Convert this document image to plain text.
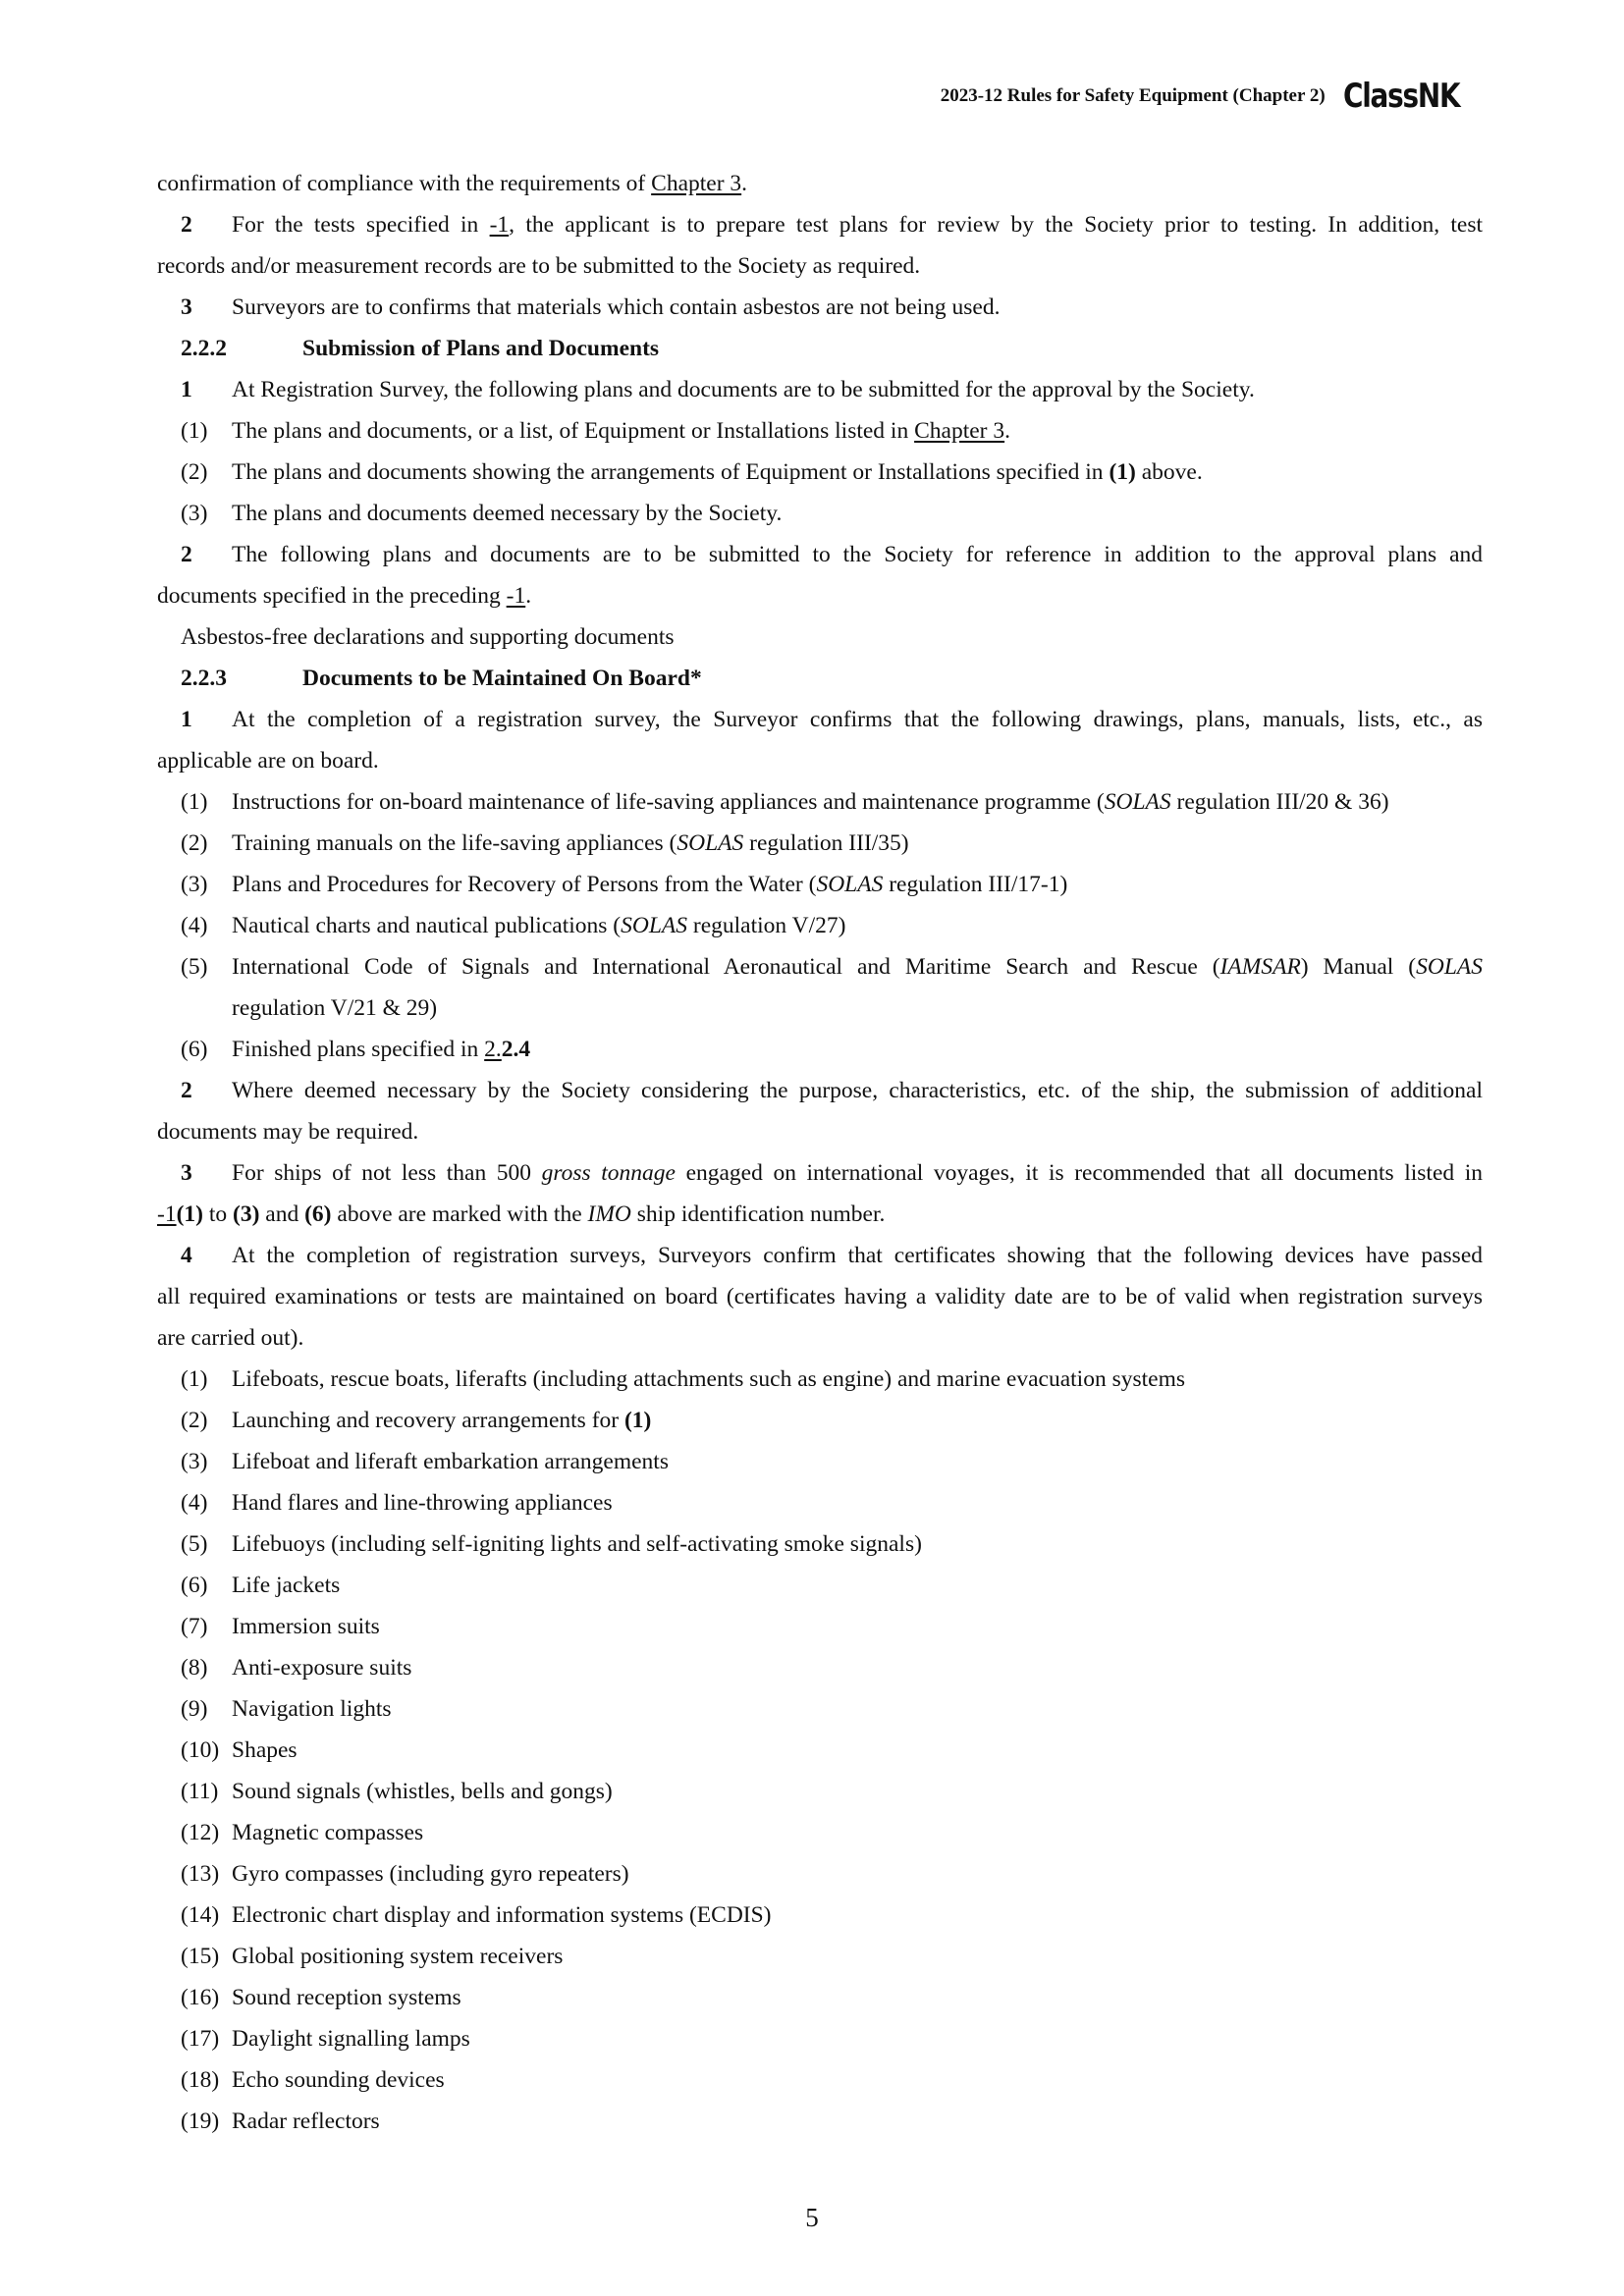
2023-12 Rules for Safety Equipment (Chapter 2) ClassNK
confirmation of compliance with the requirements of Chapter 3.
2 For the tests specified in -1, the applicant is to prepare test plans for review by the Society prior to testing. In addition, test
records and/or measurement records are to be submitted to the Society as required.
3 Surveyors are to confirms that materials which contain asbestos are not being used.
2.2.2	Submission of Plans and Documents
1 At Registration Survey, the following plans and documents are to be submitted for the approval by the Society.
(1) The plans and documents, or a list, of Equipment or Installations listed in Chapter 3.
(2) The plans and documents showing the arrangements of Equipment or Installations specified in (1) above.
(3) The plans and documents deemed necessary by the Society.
2 The following plans and documents are to be submitted to the Society for reference in addition to the approval plans and
documents specified in the preceding -1.
Asbestos-free declarations and supporting documents
2.2.3	Documents to be Maintained On Board*
1 At the completion of a registration survey, the Surveyor confirms that the following drawings, plans, manuals, lists, etc., as
applicable are on board.
(1) Instructions for on-board maintenance of life-saving appliances and maintenance programme (SOLAS regulation III/20 & 36)
(2) Training manuals on the life-saving appliances (SOLAS regulation III/35)
(3) Plans and Procedures for Recovery of Persons from the Water (SOLAS regulation III/17-1)
(4) Nautical charts and nautical publications (SOLAS regulation V/27)
(5) International Code of Signals and International Aeronautical and Maritime Search and Rescue (IAMSAR) Manual (SOLAS
regulation V/21 & 29)
(6) Finished plans specified in 2.2.4
2 Where deemed necessary by the Society considering the purpose, characteristics, etc. of the ship, the submission of additional
documents may be required.
3 For ships of not less than 500 gross tonnage engaged on international voyages, it is recommended that all documents listed in
-1(1) to (3) and (6) above are marked with the IMO ship identification number.
4 At the completion of registration surveys, Surveyors confirm that certificates showing that the following devices have passed
all required examinations or tests are maintained on board (certificates having a validity date are to be of valid when registration surveys
are carried out).
(1) Lifeboats, rescue boats, liferafts (including attachments such as engine) and marine evacuation systems
(2) Launching and recovery arrangements for (1)
(3) Lifeboat and liferaft embarkation arrangements
(4) Hand flares and line-throwing appliances
(5) Lifebuoys (including self-igniting lights and self-activating smoke signals)
(6) Life jackets
(7) Immersion suits
(8) Anti-exposure suits
(9) Navigation lights
(10) Shapes
(11) Sound signals (whistles, bells and gongs)
(12) Magnetic compasses
(13) Gyro compasses (including gyro repeaters)
(14) Electronic chart display and information systems (ECDIS)
(15) Global positioning system receivers
(16) Sound reception systems
(17) Daylight signalling lamps
(18) Echo sounding devices
(19) Radar reflectors
5
